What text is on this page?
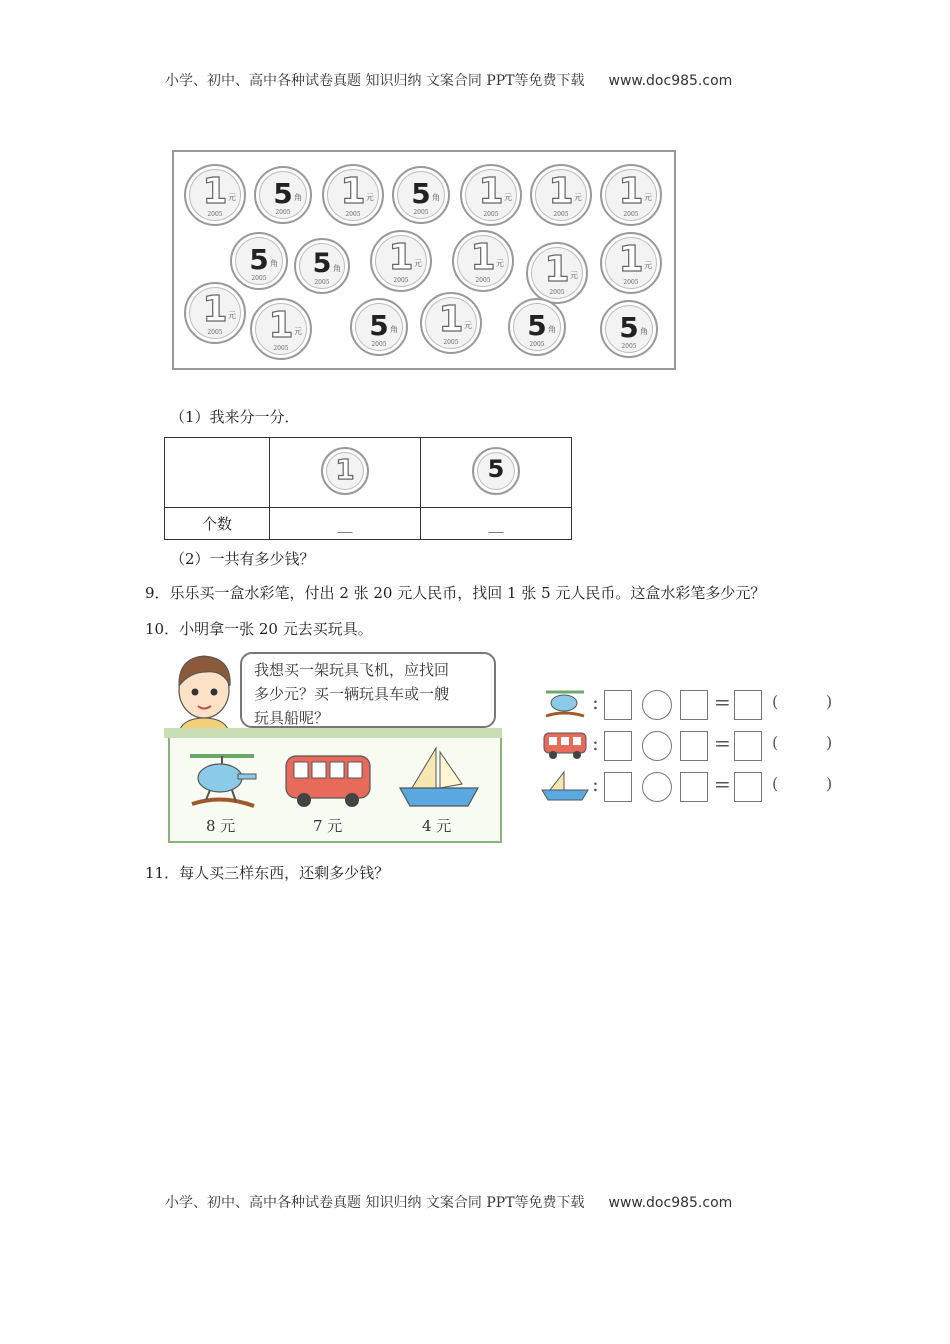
小学、初中、高中各种试卷真题 知识归纳 文案合同 PPT等免费下载 www.doc985.com
1 元
2005
5 角
2005
1 元
2005
5 角
2005
1 元
2005
1 元
2005
1 元
2005
5 角
2005	5 角
2005
1 元
2005
1 元
2005	1 元
2005
1 元
2005
1 元
2005	1 元
2005
5 角
2005
1 元
2005
5 角
2005
5 角
2005
（1）我来分一分．

	1	5

个数	__	__
（2）一共有多少钱？
9．乐乐买一盒水彩笔，付出 2 张 20 元人民币，找回 1 张 5 元人民币。这盒水彩笔多少元？
10．小明拿一张 20 元去买玩具。
我想买一架玩具飞机，应找回
多少元？买一辆玩具车或一艘
玩具船呢？
8 元	7 元	4 元
:	=	(	)
:	=	(	)
:	=	(	)
11．每人买三样东西，还剩多少钱？
小学、初中、高中各种试卷真题 知识归纳 文案合同 PPT等免费下载 www.doc985.com
